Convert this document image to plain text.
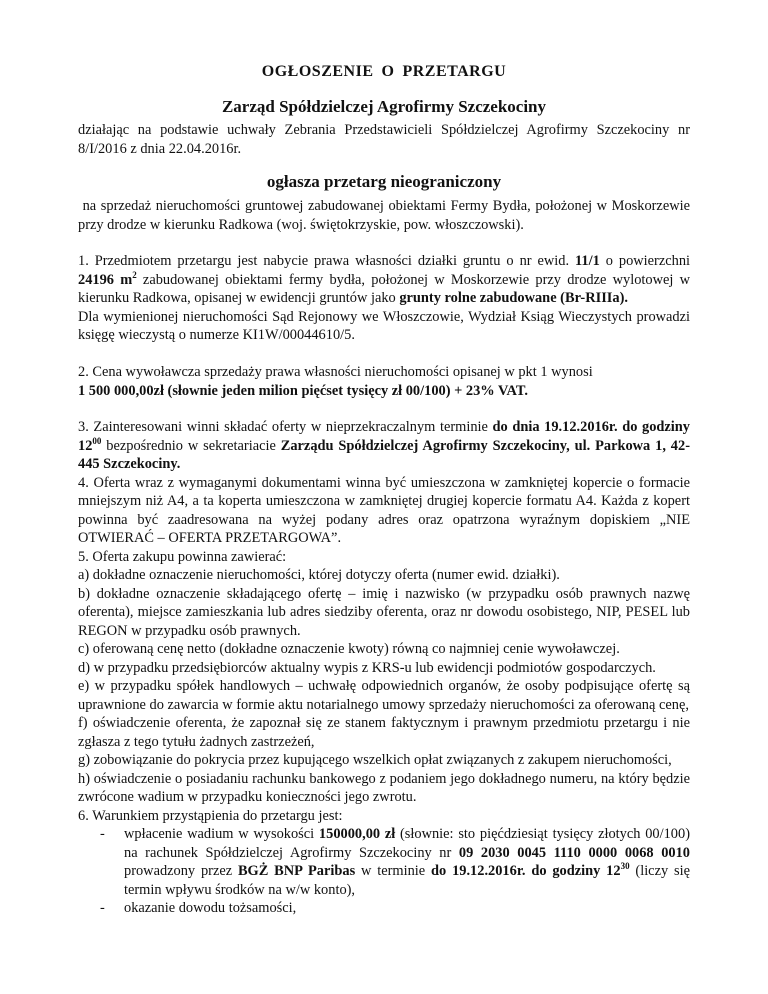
OGŁOSZENIE O PRZETARGU
Zarząd Spółdzielczej Agrofirmy Szczekociny

działając na podstawie uchwały Zebrania Przedstawicieli Spółdzielczej Agrofirmy Szczekociny nr 8/I/2016 z dnia 22.04.2016r.

ogłasza przetarg nieograniczony

na sprzedaż nieruchomości gruntowej zabudowanej obiektami Fermy Bydła, położonej w Moskorzewie przy drodze w kierunku Radkowa (woj. świętokrzyskie, pow. włoszczowski).

1. Przedmiotem przetargu jest nabycie prawa własności działki gruntu o nr ewid. 11/1 o powierzchni 24196 $m^2$ zabudowanej obiektami fermy bydła, położonej w Moskorzewie przy drodze wylotowej w kierunku Radkowa, opisanej w ewidencji gruntów jako grunty rolne zabudowane (Br-RIIIa).

Dla wymienionej nieruchomości Sąd Rejonowy we Włoszczowie, Wydział Ksiąg Wieczystych prowadzi księgę wieczystą o numerze KI1W/00044610/5.

2. Cena wywoławcza sprzedaży prawa własności nieruchomości opisanej w pkt 1 wynosi

1 500 000,00zł (słownie jeden milion pięćset tysięcy zł 00/100) + 23% VAT.

3. Zainteresowani winni składać oferty w nieprzekraczalnym terminie do dnia 19.12.2016r. do godziny $12^{00}$ bezpośrednio w sekretariacie Zarządu Spółdzielczej Agrofirmy Szczekociny, ul. Parkowa 1, 42-445 Szczekociny.

4. Oferta wraz z wymaganymi dokumentami winna być umieszczona w zamkniętej kopercie o formacie mniejszym niż A4, a ta koperta umieszczona w zamkniętej drugiej kopercie formatu A4. Każda z kopert powinna być zaadresowana na wyżej podany adres oraz opatrzona wyraźnym dopiskiem „NIE OTWIERAĆ – OFERTA PRZETARGOWA”.

5. Oferta zakupu powinna zawierać:

a) dokładne oznaczenie nieruchomości, której dotyczy oferta (numer ewid. działki).

b) dokładne oznaczenie składającego ofertę – imię i nazwisko (w przypadku osób prawnych nazwę oferenta), miejsce zamieszkania lub adres siedziby oferenta, oraz nr dowodu osobistego, NIP, PESEL lub REGON w przypadku osób prawnych.

c) oferowaną cenę netto (dokładne oznaczenie kwoty) równą co najmniej cenie wywoławczej.

d) w przypadku przedsiębiorców aktualny wypis z KRS-u lub ewidencji podmiotów gospodarczych.

e) w przypadku spółek handlowych – uchwałę odpowiednich organów, że osoby podpisujące ofertę są uprawnione do zawarcia w formie aktu notarialnego umowy sprzedaży nieruchomości za oferowaną cenę,

f) oświadczenie oferenta, że zapoznał się ze stanem faktycznym i prawnym przedmiotu przetargu i nie zgłasza z tego tytułu żadnych zastrzeżeń,

g) zobowiązanie do pokrycia przez kupującego wszelkich opłat związanych z zakupem nieruchomości,

h) oświadczenie o posiadaniu rachunku bankowego z podaniem jego dokładnego numeru, na który będzie zwrócone wadium w przypadku konieczności jego zwrotu.

6. Warunkiem przystąpienia do przetargu jest:

- wpłacenie wadium w wysokości 150000,00 zł (słownie: sto pięćdziesiąt tysięcy złotych 00/100) na rachunek Spółdzielczej Agrofirmy Szczekociny nr 09 2030 0045 1110 0000 0068 0010 prowadzony przez BGŻ BNP Paribas w terminie do 19.12.2016r. do godziny $12^{30}$ (liczy się termin wpływu środków na w/w konto),

- okazanie dowodu tożsamości,
